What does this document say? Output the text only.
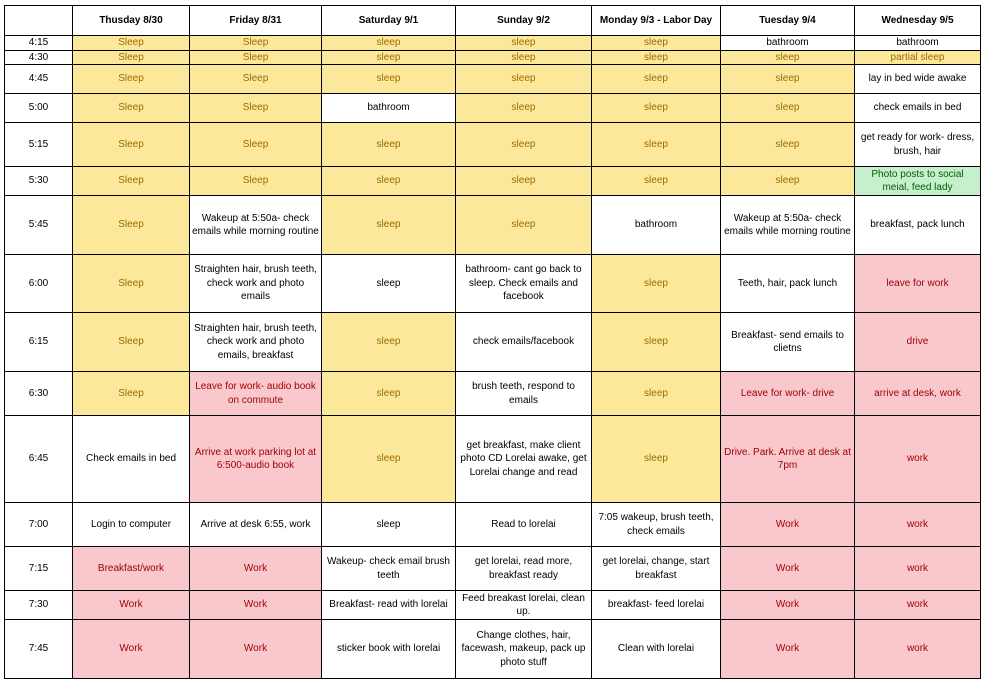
	Thusday 8/30	Friday 8/31	Saturday 9/1	Sunday 9/2	Monday 9/3 - Labor Day	Tuesday 9/4	Wednesday 9/5
4:15	Sleep	Sleep	sleep	sleep	sleep	bathroom	bathroom
4:30	Sleep	Sleep	sleep	sleep	sleep	sleep	partial sleep
4:45	Sleep	Sleep	sleep	sleep	sleep	sleep	lay in bed wide awake
5:00	Sleep	Sleep	bathroom	sleep	sleep	sleep	check emails in bed
5:15	Sleep	Sleep	sleep	sleep	sleep	sleep	get ready for work- dress, brush, hair
5:30	Sleep	Sleep	sleep	sleep	sleep	sleep	Photo posts to social meial, feed lady
5:45	Sleep	Wakeup at 5:50a- check emails while morning routine	sleep	sleep	bathroom	Wakeup at 5:50a- check emails while morning routine	breakfast, pack lunch
6:00	Sleep	Straighten hair, brush teeth, check work and photo emails	sleep	bathroom- cant go back to sleep. Check emails and facebook	sleep	Teeth, hair, pack lunch	leave for work
6:15	Sleep	Straighten hair, brush teeth, check work and photo emails, breakfast	sleep	check emails/facebook	sleep	Breakfast- send emails to clietns	drive
6:30	Sleep	Leave for work- audio book on commute	sleep	brush teeth, respond to emails	sleep	Leave for work- drive	arrive at desk, work
6:45	Check emails in bed	Arrive at work parking lot at 6:500-audio book	sleep	get breakfast, make client photo CD Lorelai awake, get Lorelai change and read	sleep	Drive. Park. Arrive at desk at 7pm	work
7:00	Login to computer	Arrive at desk 6:55, work	sleep	Read to lorelai	7:05 wakeup, brush teeth, check emails	Work	work
7:15	Breakfast/work	Work	Wakeup- check email brush teeth	get lorelai, read more, breakfast ready	get lorelai, change, start breakfast	Work	work
7:30	Work	Work	Breakfast- read with lorelai	Feed breakast lorelai, clean up.	breakfast- feed lorelai	Work	work
7:45	Work	Work	sticker book with lorelai	Change clothes, hair, facewash, makeup, pack up photo stuff	Clean with lorelai	Work	work
